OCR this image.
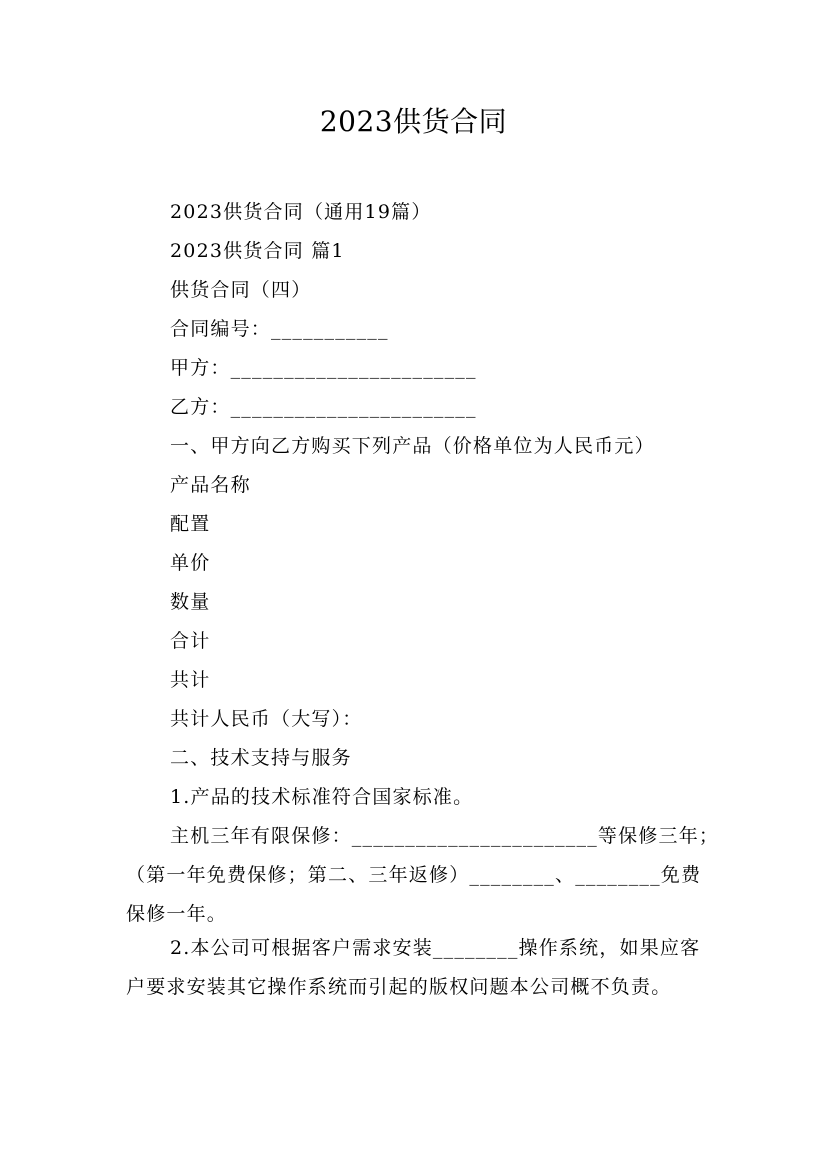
2023供货合同
2023供货合同（通用19篇）
2023供货合同 篇1
供货合同（四）
合同编号：___________
甲方：_______________________
乙方：_______________________
一、甲方向乙方购买下列产品（价格单位为人民币元）
产品名称
配置
单价
数量
合计
共计
共计人民币（大写）：
二、技术支持与服务
1.产品的技术标准符合国家标准。
主机三年有限保修：_______________________等保修三年；　（第一年免费保修；第二、三年返修）________、________免费保修一年。
2.本公司可根据客户需求安装________操作系统，如果应客户要求安装其它操作系统而引起的版权问题本公司概不负责。
